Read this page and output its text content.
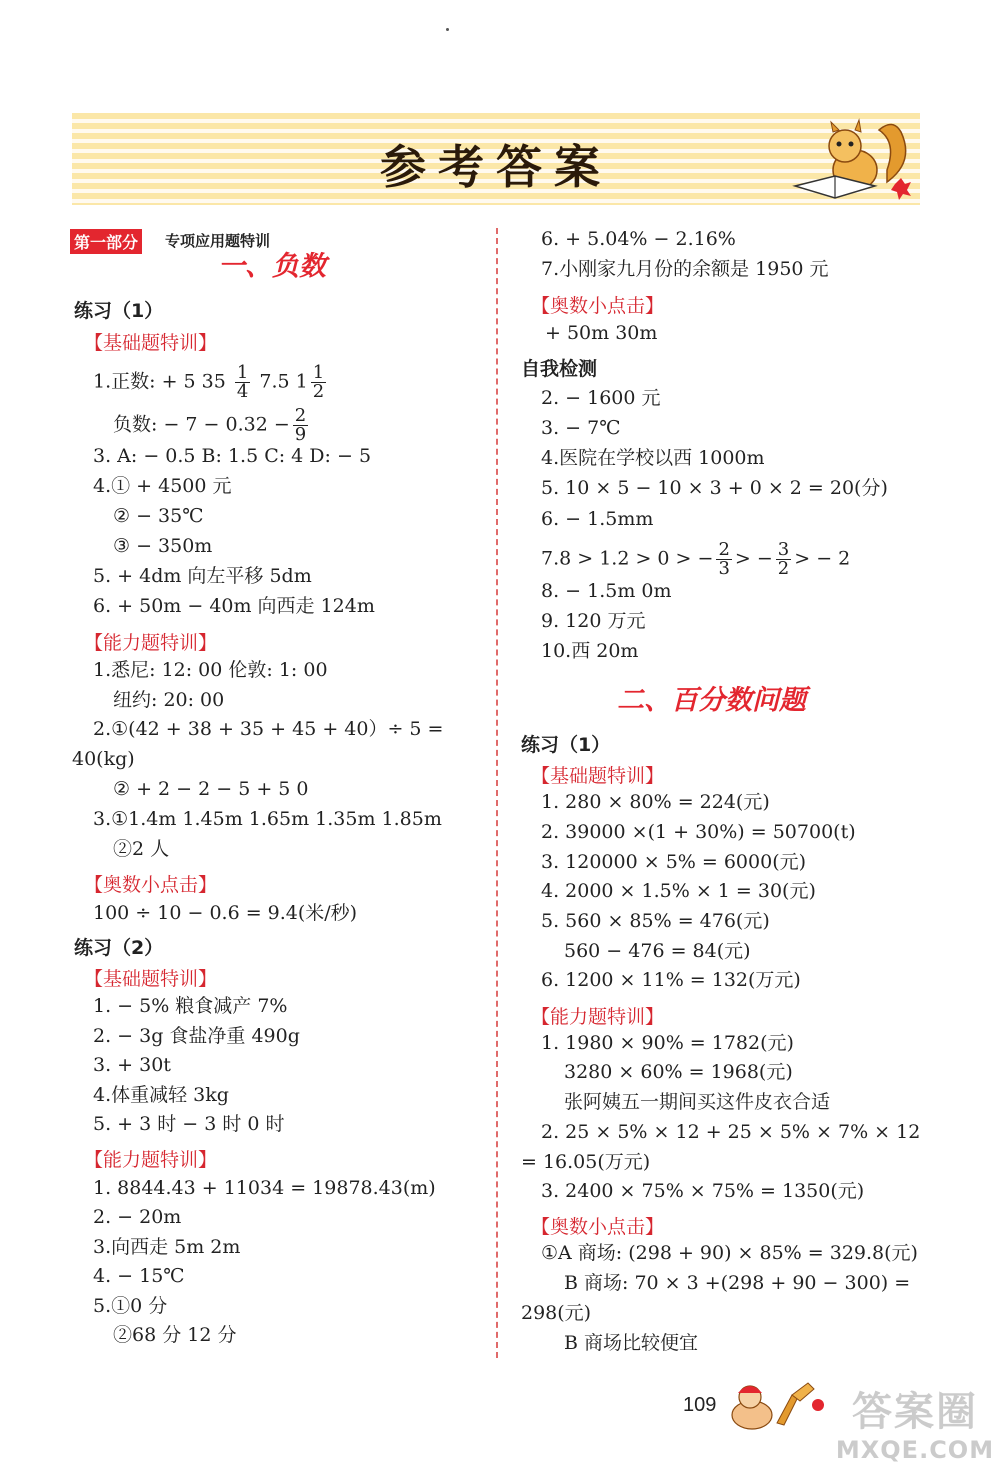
参考答案
第一部分 专项应用题特训
一、负数
练习（1）
【基础题特训】
1.正数: + 5 $35 \frac{1}{4} 7.5$ $1 \frac{1}{2}$
负数: − $7 - 0.32 - \frac{2}{9}$
3. A: − 0.5 B: 1.5 C: 4 D: − 5
4.① + 4500 元
② − 35℃
③ − 350m
5. + 4dm 向左平移 5dm
6. + 50m − 40m 向西走 124m
【能力题特训】
1.悉尼: 12: 00 伦敦: 1: 00
纽约: 20: 00
2.①(42 + 38 + 35 + 45 + 40）÷ 5 =
40(kg)
② + 2 − 2 − 5 + 5 0
3.①1.4m 1.45m 1.65m 1.35m 1.85m
②2 人
【奥数小点击】
100 ÷ 10 − 0.6 = 9.4(米/秒)
练习（2）
【基础题特训】
1. − 5% 粮食减产 7%
2. − 3g 食盐净重 490g
3. + 30t
4.体重减轻 3kg
5. + 3 时 − 3 时 0 时
【能力题特训】
1. 8844.43 + 11034 = 19878.43(m)
2. − 20m
3.向西走 5m 2m
4. − 15℃
5.①0 分
②68 分 12 分
6. + 5.04% − 2.16%
7.小刚家九月份的余额是 1950 元
【奥数小点击】
+ 50m 30m
自我检测
2. − 1600 元
3. − 7℃
4.医院在学校以西 1000m
5. 10 × 5 − 10 × 3 + 0 × 2 = 20(分)
6. − 1.5mm
7.8 > 1.2 > 0 > − $\frac{2}{3}$ > − $\frac{3}{2}$ > − 2
8. − 1.5m 0m
9. 120 万元
10.西 20m
二、百分数问题
练习（1）
【基础题特训】
1. 280 × 80% = 224(元)
2. 39000 ×(1 + 30%) = 50700(t)
3. 120000 × 5% = 6000(元)
4. 2000 × 1.5% × 1 = 30(元)
5. 560 × 85% = 476(元)
560 − 476 = 84(元)
6. 1200 × 11% = 132(万元)
【能力题特训】
1. 1980 × 90% = 1782(元)
3280 × 60% = 1968(元)
张阿姨五一期间买这件皮衣合适
2. 25 × 5% × 12 + 25 × 5% × 7% × 12
= 16.05(万元)
3. 2400 × 75% × 75% = 1350(元)
【奥数小点击】
①A 商场: (298 + 90) × 85% = 329.8(元)
B 商场: 70 × 3 +(298 + 90 − 300) =
298(元)
B 商场比较便宜
109	答案圈
MXQE.COM
